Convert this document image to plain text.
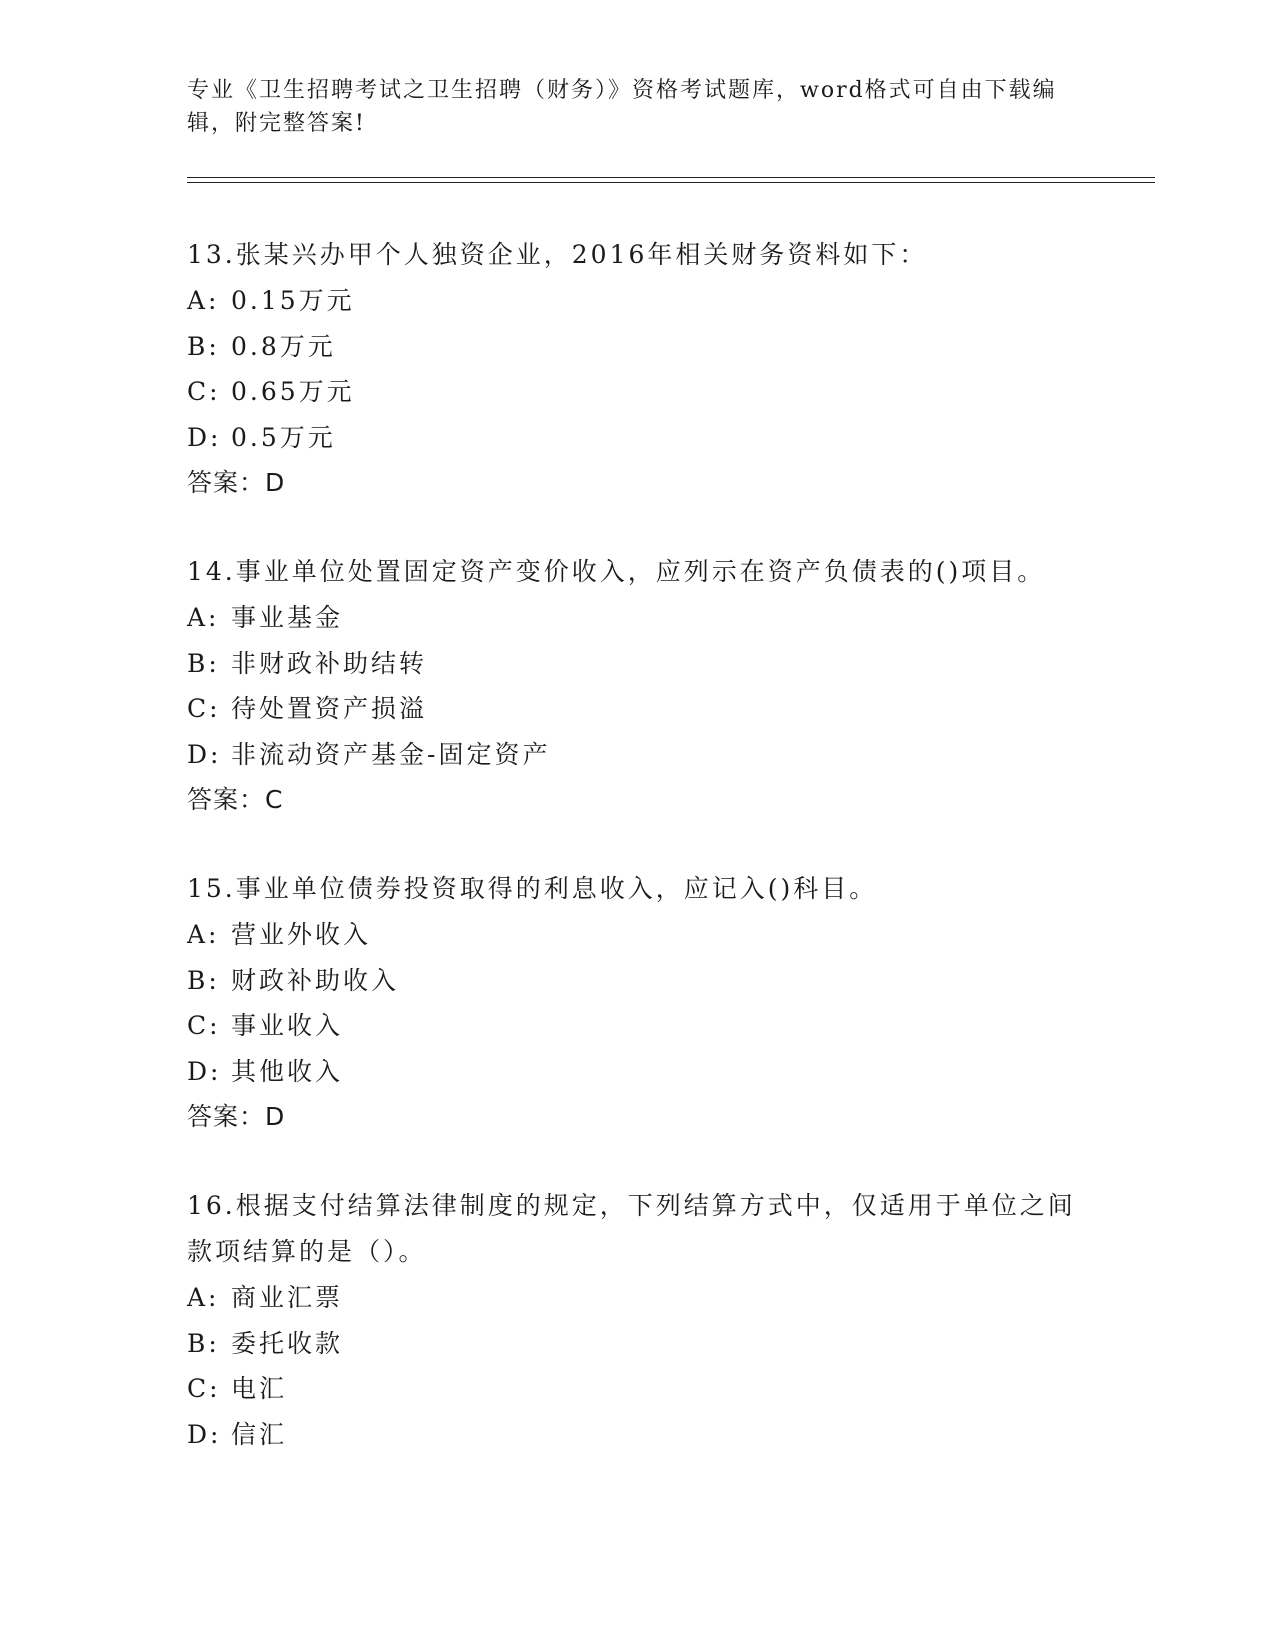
专业《卫生招聘考试之卫生招聘（财务）》资格考试题库，word格式可自由下载编辑，附完整答案!
13.张某兴办甲个人独资企业，2016年相关财务资料如下：
A: 0.15万元
B: 0.8万元
C: 0.65万元
D: 0.5万元
答案：D
14.事业单位处置固定资产变价收入，应列示在资产负债表的()项目。
A: 事业基金
B: 非财政补助结转
C: 待处置资产损溢
D: 非流动资产基金-固定资产
答案：C
15.事业单位债券投资取得的利息收入，应记入()科目。
A: 营业外收入
B: 财政补助收入
C: 事业收入
D: 其他收入
答案：D
16.根据支付结算法律制度的规定，下列结算方式中，仅适用于单位之间款项结算的是（）。
A: 商业汇票
B: 委托收款
C: 电汇
D: 信汇
